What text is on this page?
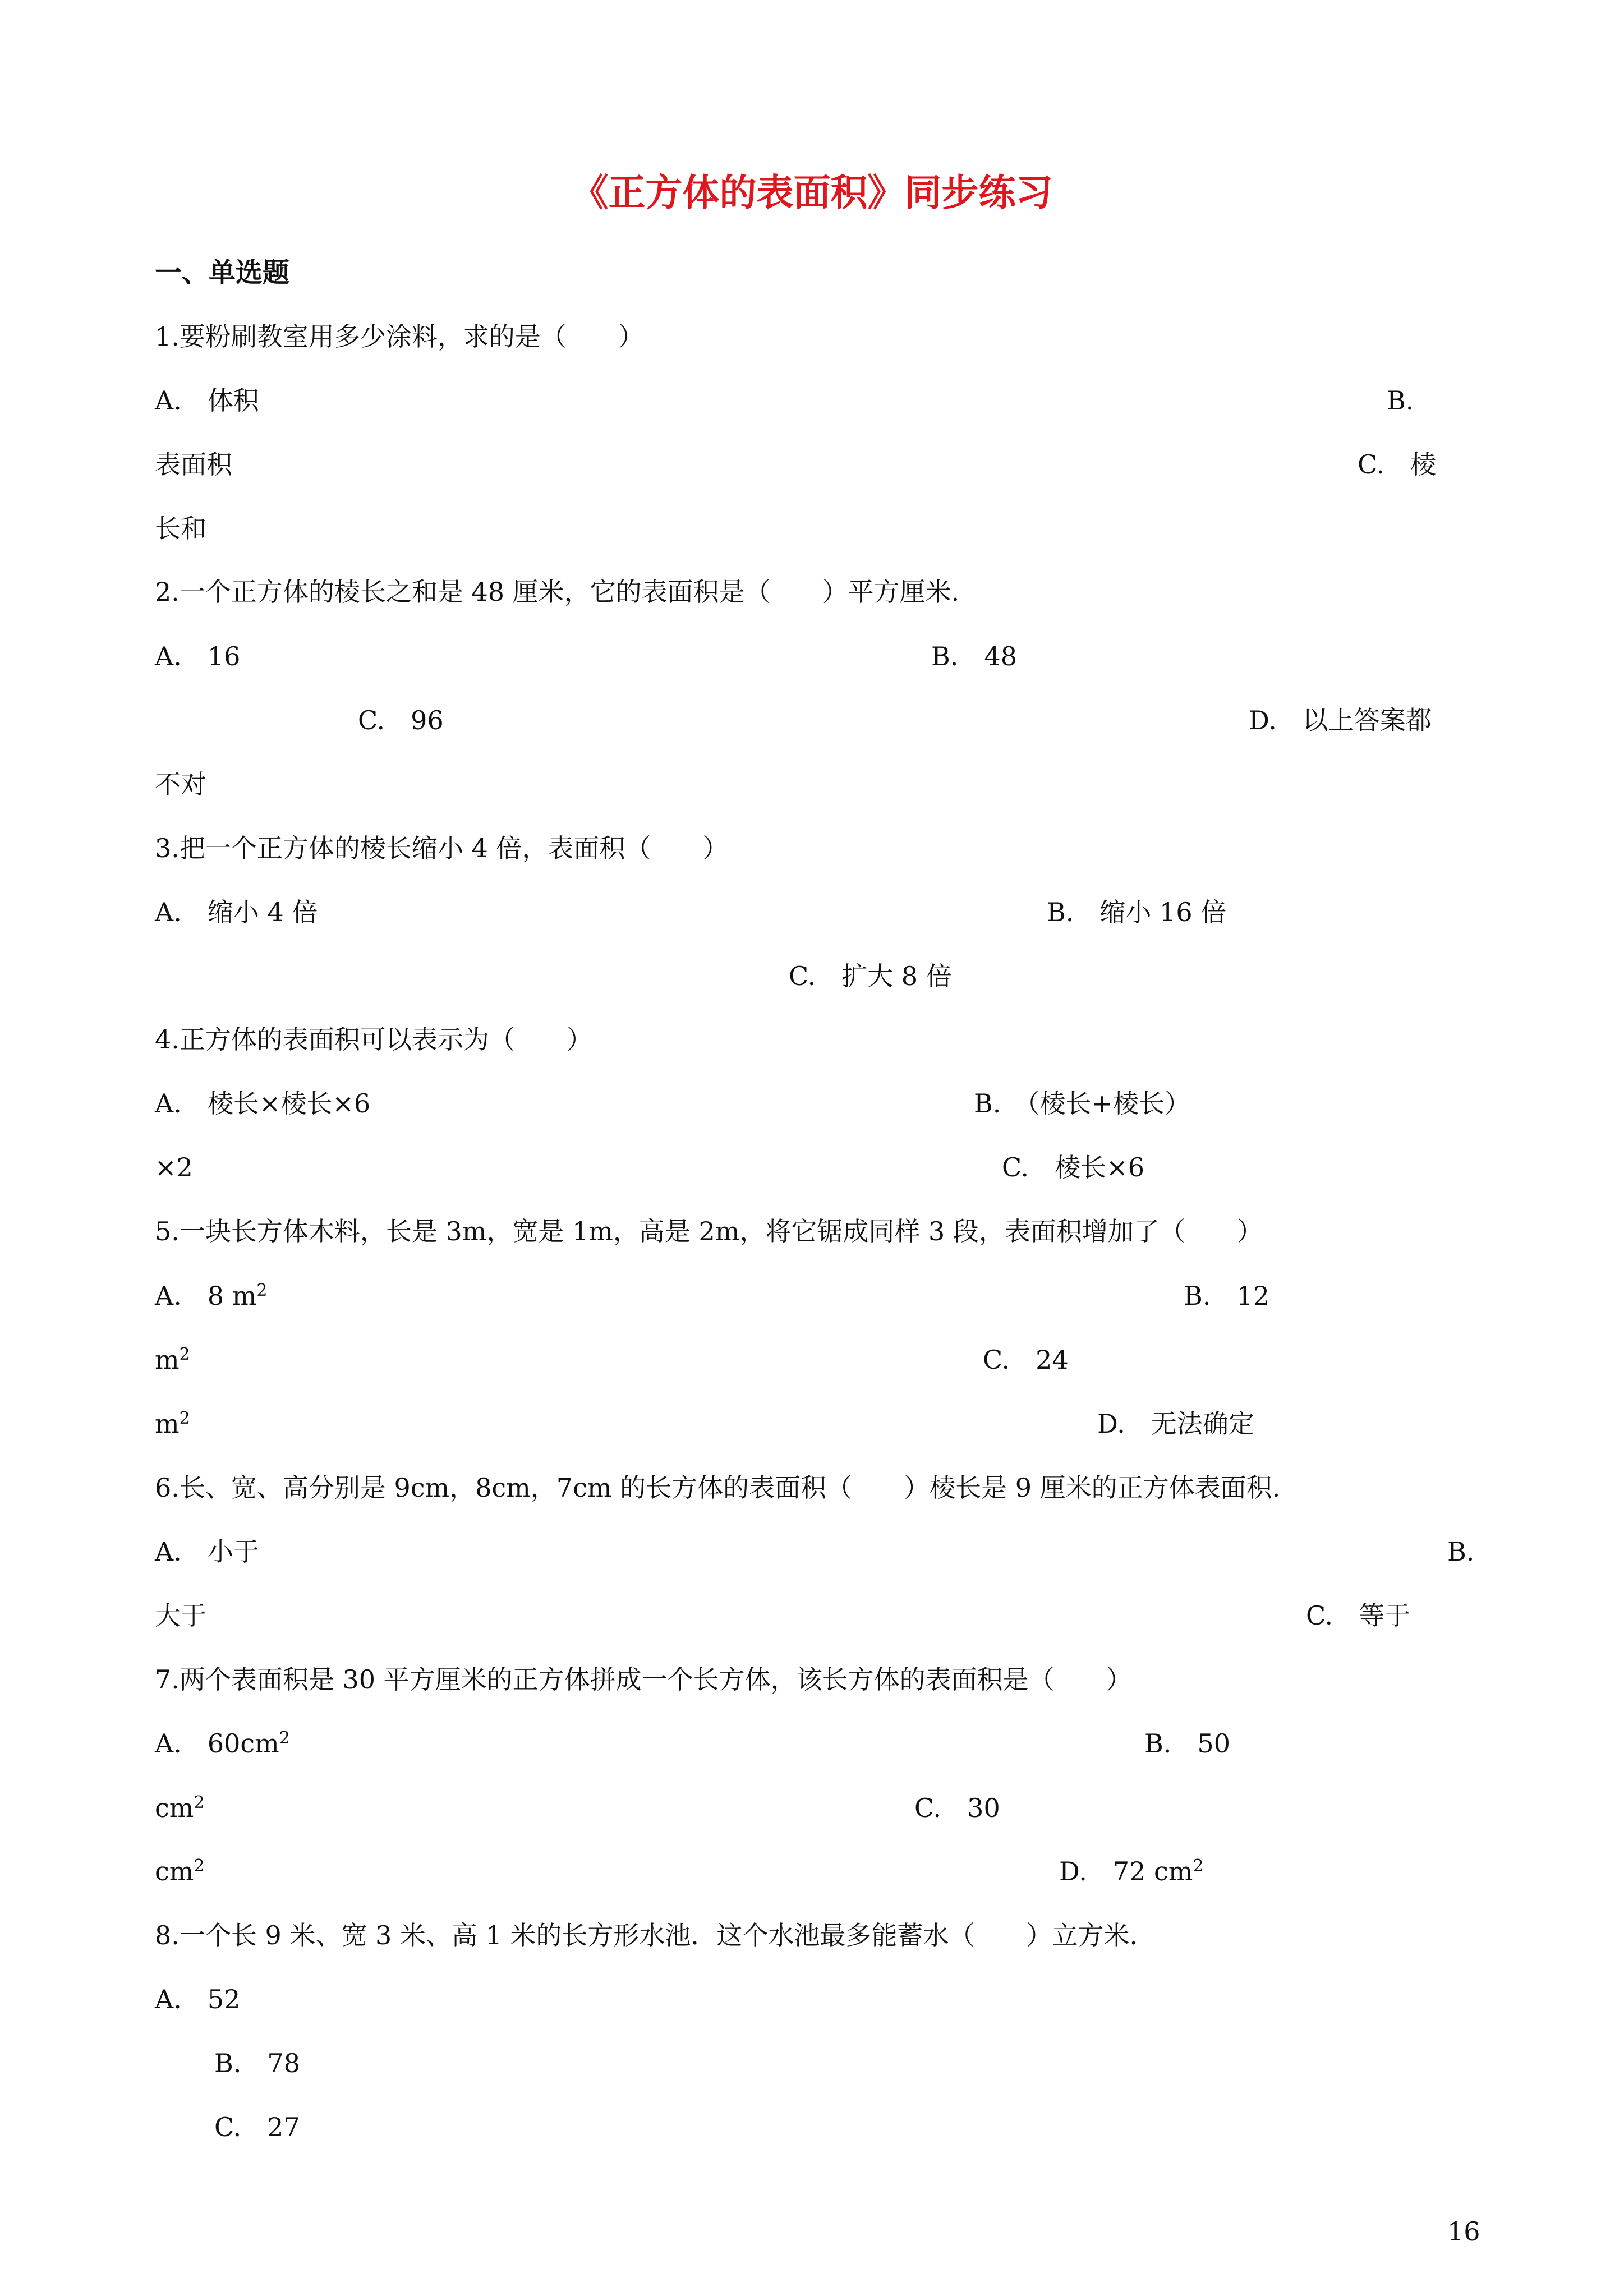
《正方体的表面积》同步练习
一、单选题
1.要粉刷教室用多少涂料，求的是（　　）
A.　体积	B.
表面积	C.　棱
长和
2.一个正方体的棱长之和是 48 厘米，它的表面积是（　　）平方厘米.
A.　16	B.　48
C.　96	D.　以上答案都
不对
3.把一个正方体的棱长缩小 4 倍，表面积（　　）
A.　缩小 4 倍	B.　缩小 16 倍
C.　扩大 8 倍
4.正方体的表面积可以表示为（　　）
A.　棱长×棱长×6	B.　（棱长+棱长）
×2	C.　棱长×6
5.一块长方体木料，长是 3m，宽是 1m，高是 2m，将它锯成同样 3 段，表面积增加了（　　）
A.　8 $m^2$	B.　12
$m^2$	C.　24
$m^2$	D.　无法确定
6.长、宽、高分别是 9cm，8cm，7cm 的长方体的表面积（　　）棱长是 9 厘米的正方体表面积.
A.　小于	B.
大于	C.　等于
7.两个表面积是 30 平方厘米的正方体拼成一个长方体，该长方体的表面积是（　　）
A.　$60cm^2$	B.　50
$cm^2$	C.　30
$cm^2$	D.　72 $cm^2$
8.一个长 9 米、宽 3 米、高 1 米的长方形水池．这个水池最多能蓄水（　　）立方米.
A.　52
B.　78
C.　27
16
